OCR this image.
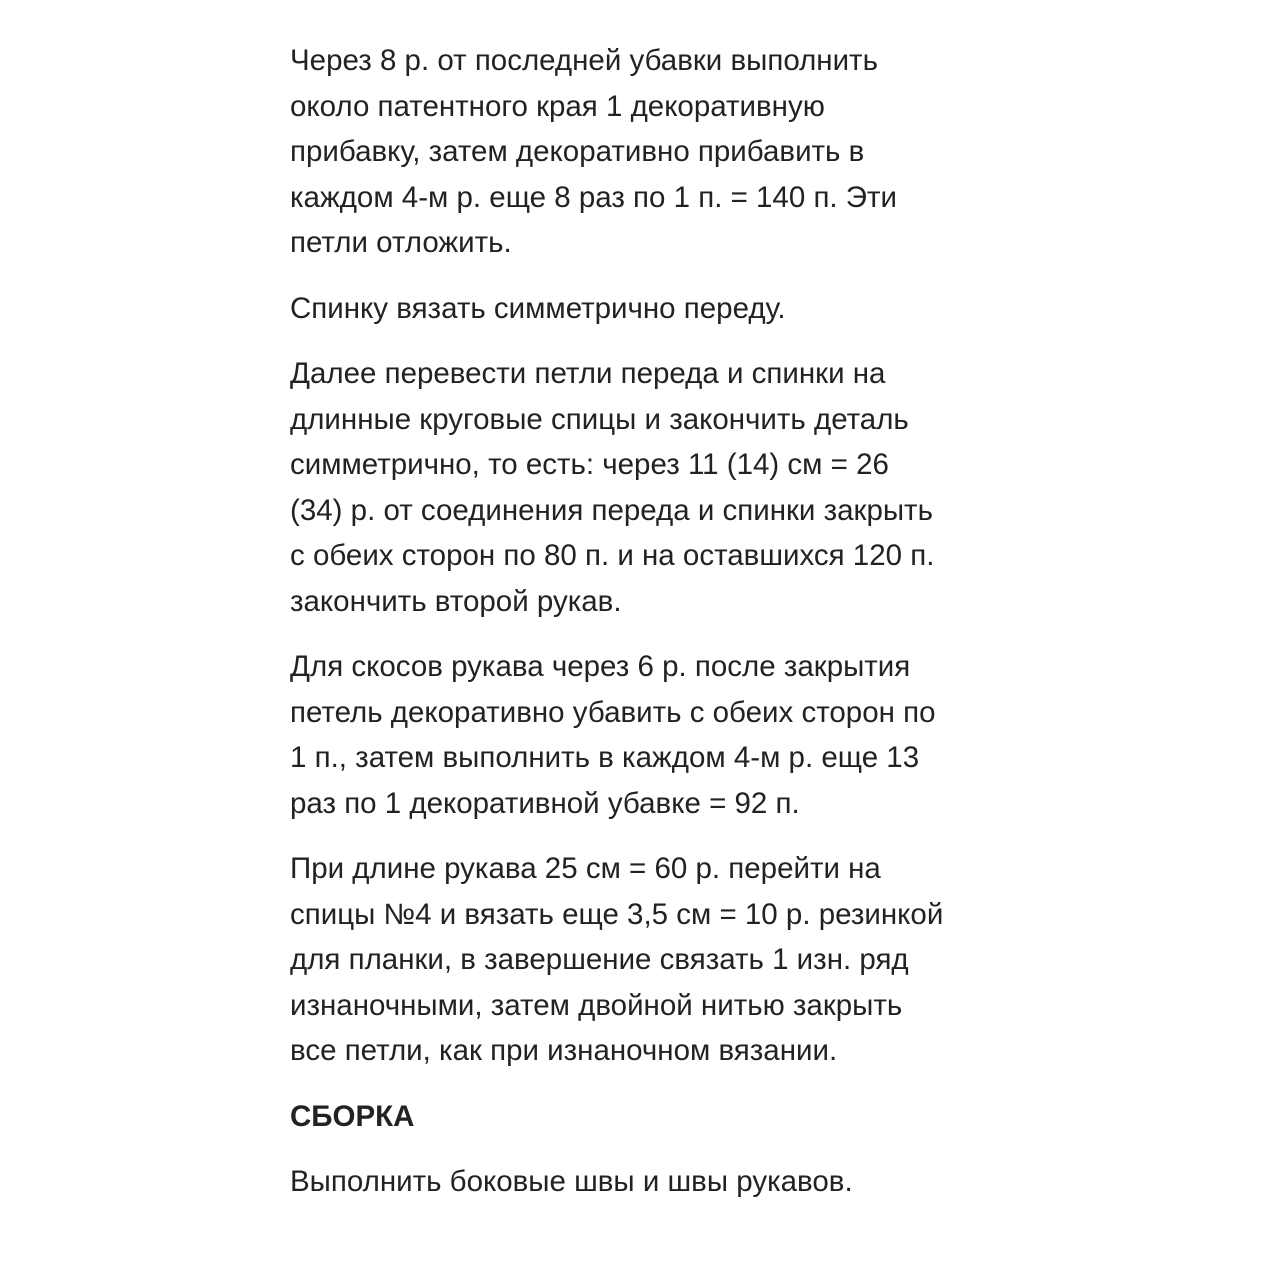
Через 8 р. от последней убавки выполнить
около патентного края 1 декоративную
прибавку, затем декоративно прибавить в
каждом 4-м р. еще 8 раз по 1 п. = 140 п. Эти
петли отложить.

Спинку вязать симметрично переду.

Далее перевести петли переда и спинки на
длинные круговые спицы и закончить деталь
симметрично, то есть: через 11 (14) см = 26
(34) р. от соединения переда и спинки закрыть
с обеих сторон по 80 п. и на оставшихся 120 п.
закончить второй рукав.

Для скосов рукава через 6 р. после закрытия
петель декоративно убавить с обеих сторон по
1 п., затем выполнить в каждом 4-м р. еще 13
раз по 1 декоративной убавке = 92 п.

При длине рукава 25 см = 60 р. перейти на
спицы №4 и вязать еще 3,5 см = 10 р. резинкой
для планки, в завершение связать 1 изн. ряд
изнаночными, затем двойной нитью закрыть
все петли, как при изнаночном вязании.

СБОРКА

Выполнить боковые швы и швы рукавов.
